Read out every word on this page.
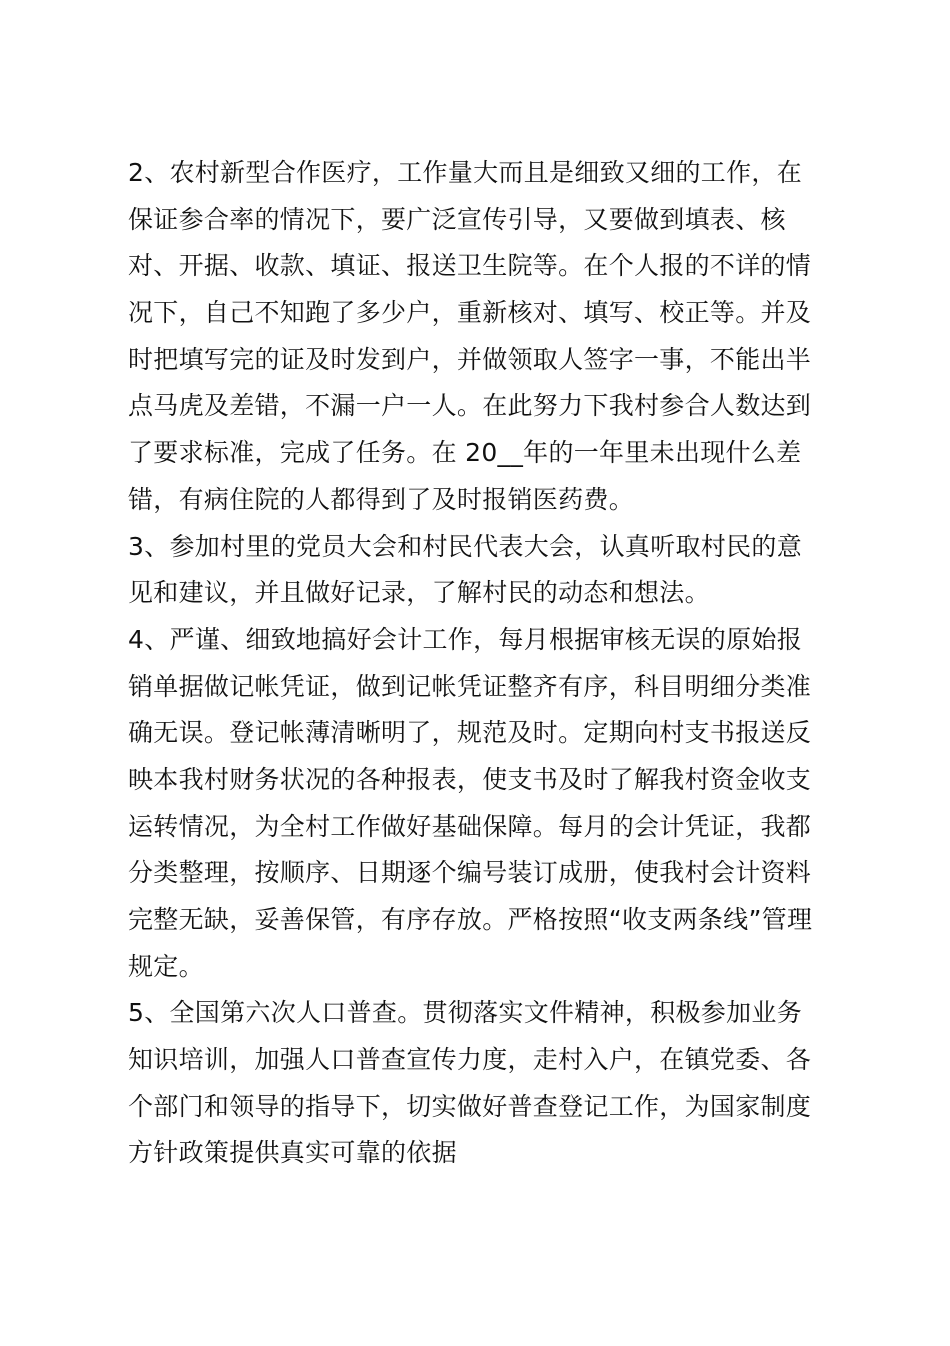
2、农村新型合作医疗，工作量大而且是细致又细的工作，在
保证参合率的情况下，要广泛宣传引导，又要做到填表、核
对、开据、收款、填证、报送卫生院等。在个人报的不详的情
况下，自己不知跑了多少户，重新核对、填写、校正等。并及
时把填写完的证及时发到户，并做领取人签字一事，不能出半
点马虎及差错，不漏一户一人。在此努力下我村参合人数达到
了要求标准，完成了任务。在 20__年的一年里未出现什么差
错，有病住院的人都得到了及时报销医药费。
3、参加村里的党员大会和村民代表大会，认真听取村民的意
见和建议，并且做好记录，了解村民的动态和想法。
4、严谨、细致地搞好会计工作，每月根据审核无误的原始报
销单据做记帐凭证，做到记帐凭证整齐有序，科目明细分类准
确无误。登记帐薄清晰明了，规范及时。定期向村支书报送反
映本我村财务状况的各种报表，使支书及时了解我村资金收支
运转情况，为全村工作做好基础保障。每月的会计凭证，我都
分类整理，按顺序、日期逐个编号装订成册，使我村会计资料
完整无缺，妥善保管，有序存放。严格按照“收支两条线”管理
规定。
5、全国第六次人口普查。贯彻落实文件精神，积极参加业务
知识培训，加强人口普查宣传力度，走村入户，在镇党委、各
个部门和领导的指导下，切实做好普查登记工作，为国家制度
方针政策提供真实可靠的依据
